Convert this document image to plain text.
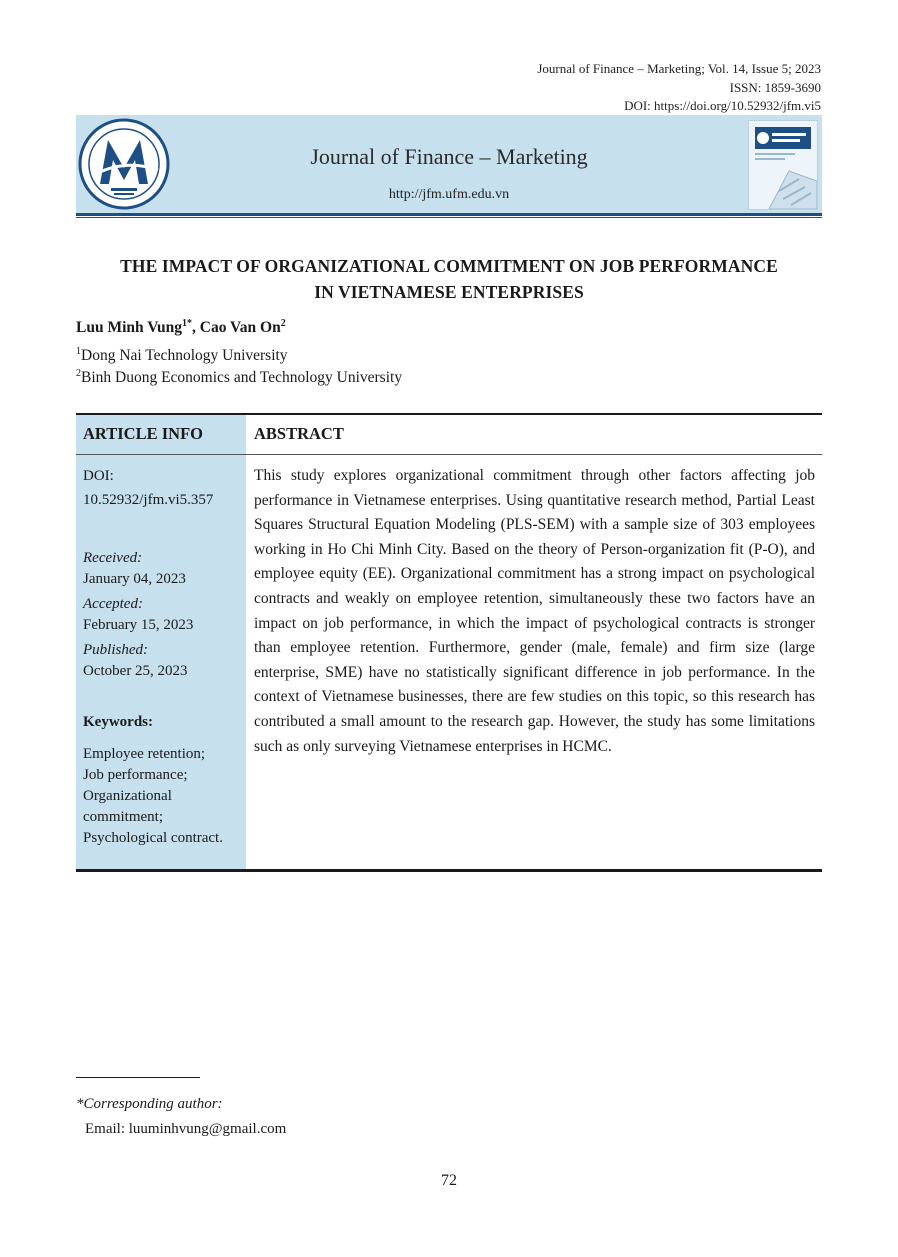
Journal of Finance – Marketing; Vol. 14, Issue 5; 2023
ISSN: 1859-3690
DOI: https://doi.org/10.52932/jfm.vi5
Journal of Finance – Marketing
http://jfm.ufm.edu.vn
THE IMPACT OF ORGANIZATIONAL COMMITMENT ON JOB PERFORMANCE
IN VIETNAMESE ENTERPRISES
Luu Minh Vung$^{1*}$, Cao Van On$^2$
$^1$Dong Nai Technology University
$^2$Binh Duong Economics and Technology University
ARTICLE INFO	ABSTRACT
DOI:
10.52932/jfm.vi5.357
Received:
January 04, 2023
Accepted:
February 15, 2023
Published:
October 25, 2023
Keywords:
Employee retention;
Job performance;
Organizational commitment;
Psychological contract.
This study explores organizational commitment through other factors affecting job performance in Vietnamese enterprises. Using quantitative research method, Partial Least Squares Structural Equation Modeling (PLS-SEM) with a sample size of 303 employees working in Ho Chi Minh City. Based on the theory of Person-organization fit (P-O), and employee equity (EE). Organizational commitment has a strong impact on psychological contracts and weakly on employee retention, simultaneously these two factors have an impact on job performance, in which the impact of psychological contracts is stronger than employee retention. Furthermore, gender (male, female) and firm size (large enterprise, SME) have no statistically significant difference in job performance. In the context of Vietnamese businesses, there are few studies on this topic, so this research has contributed a small amount to the research gap. However, the study has some limitations such as only surveying Vietnamese enterprises in HCMC.
*Corresponding author:
Email: luuminhvung@gmail.com
72
